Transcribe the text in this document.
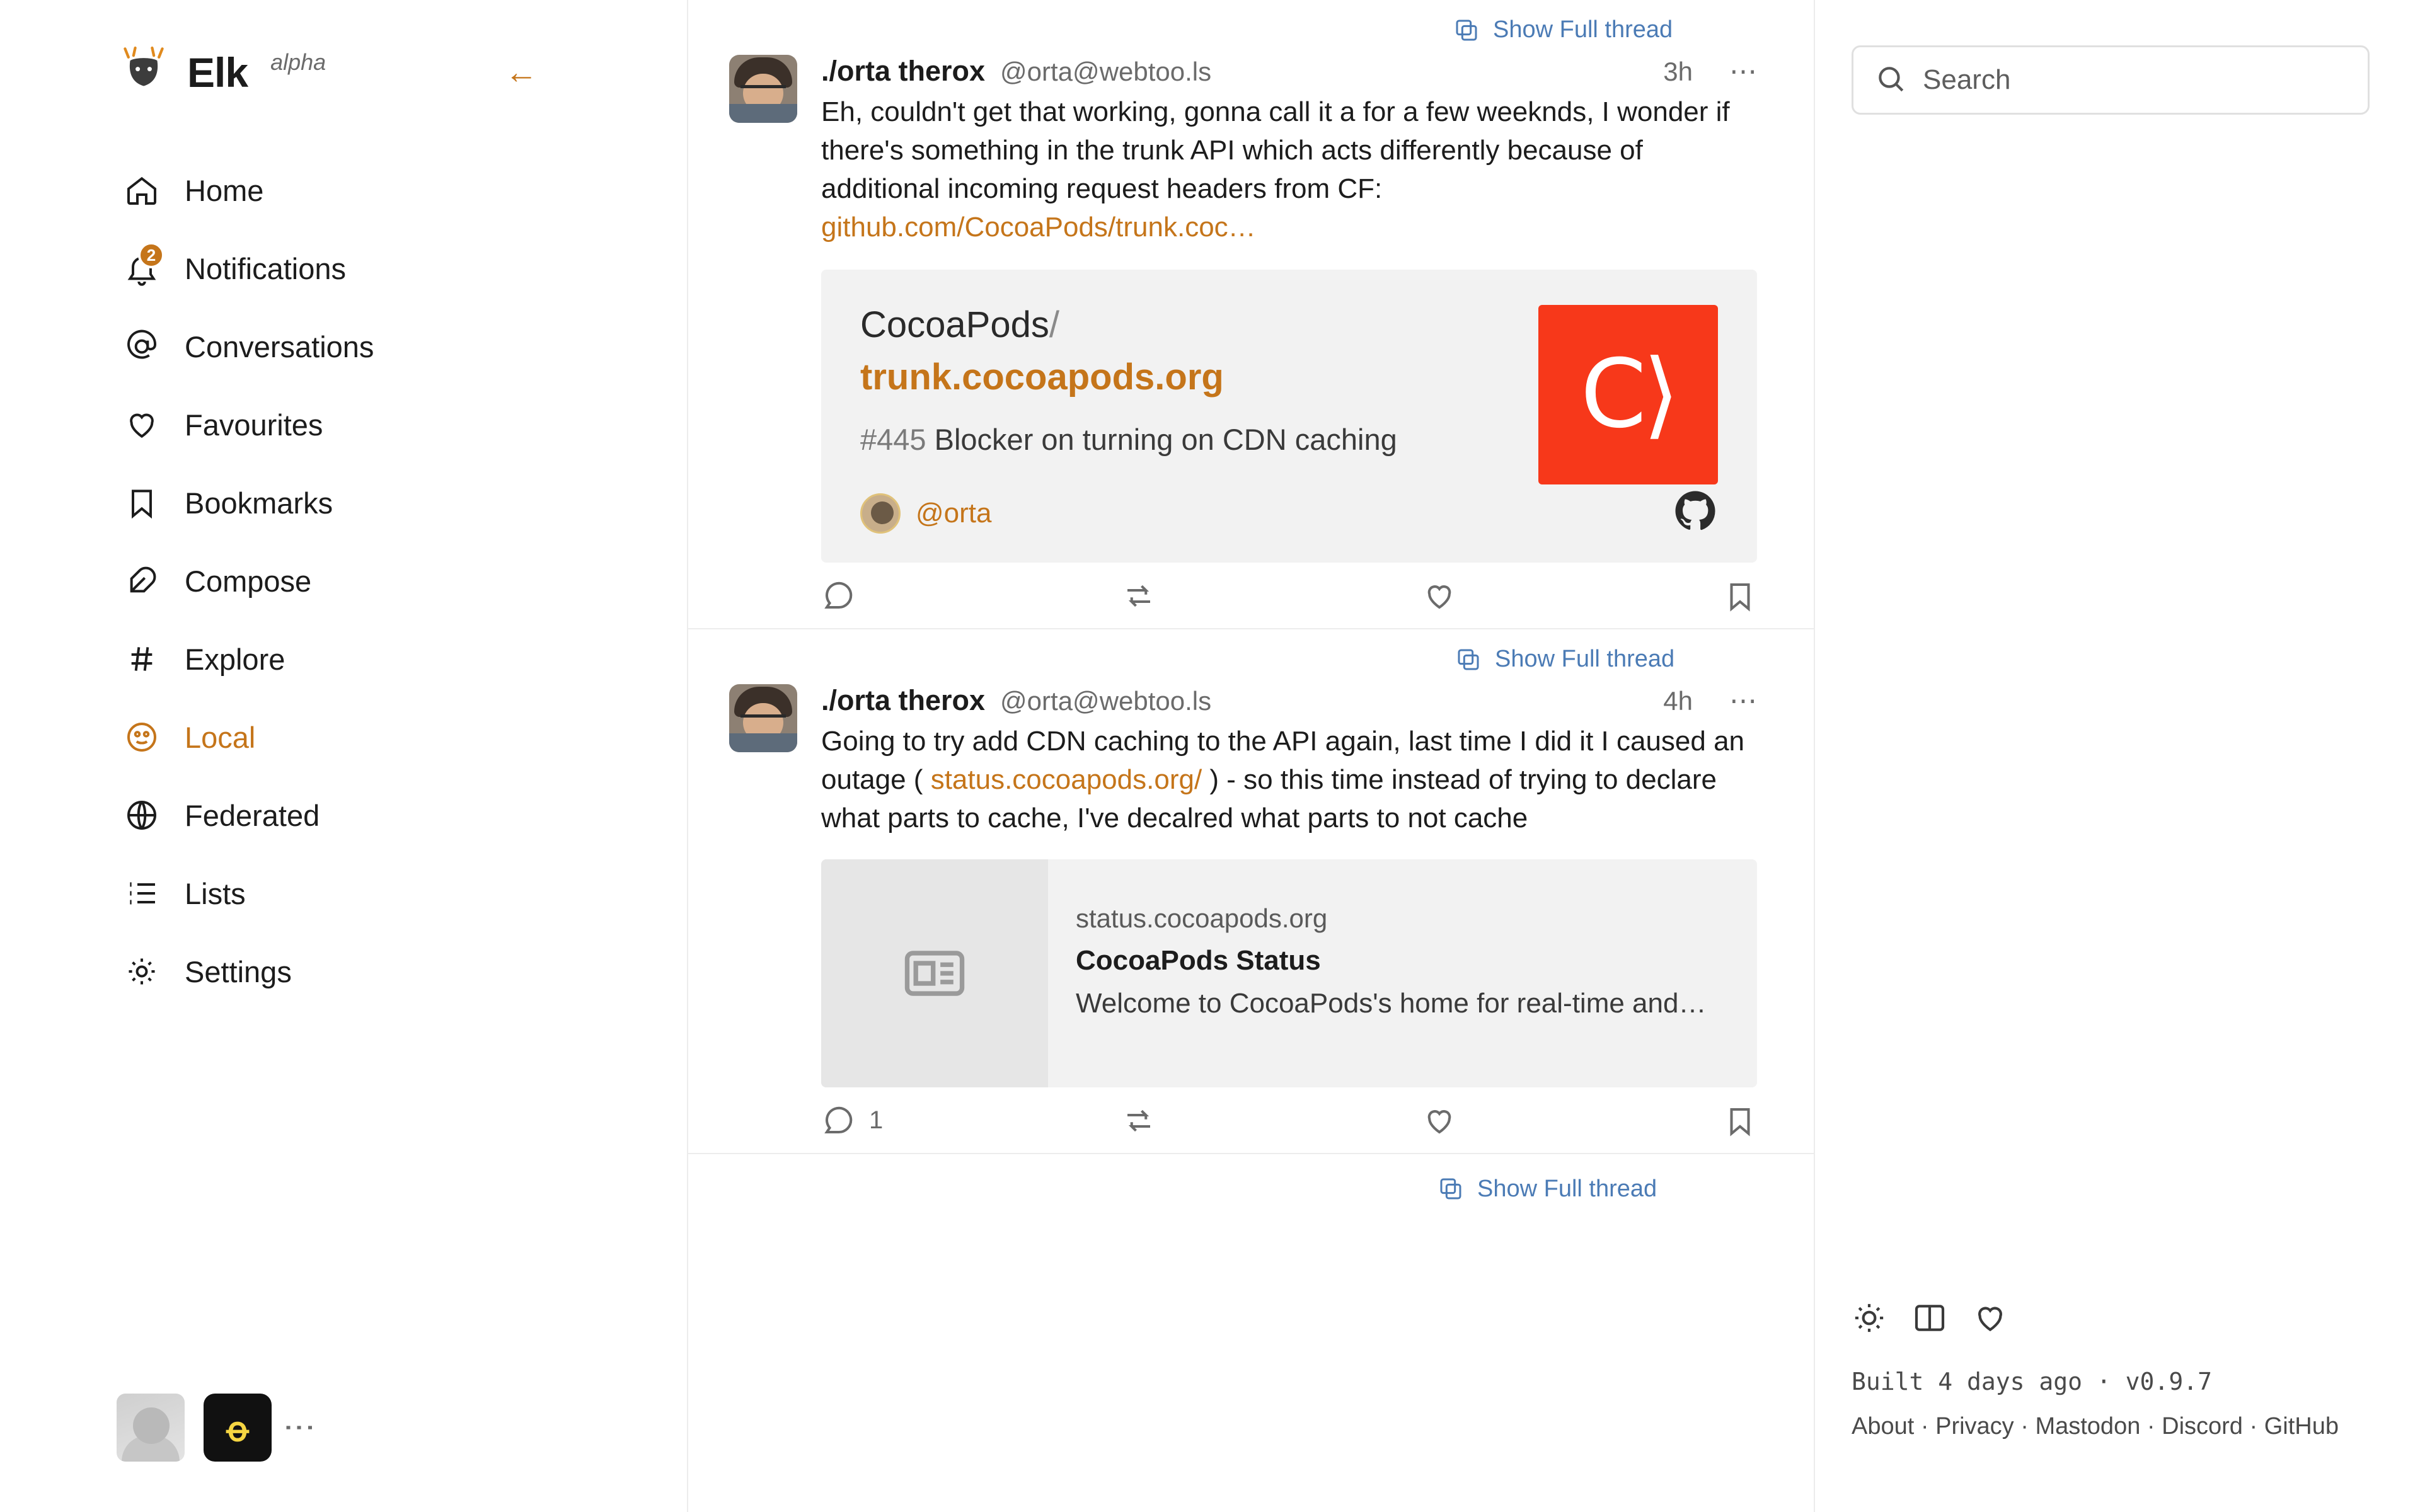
Elk alpha	←
Home
2 Notifications
Conversations
Favourites
Bookmarks
Compose
Explore
Local
Federated
Lists
Settings
𝈚	⋮
Show Full thread
./orta therox @orta@webtoo.ls	3h ⋯
Eh, couldn't get that working, gonna call it a for a few weeknds, I wonder if there's something in the trunk API which acts differently because of additional incoming request headers from CF: github.com/CocoaPods/trunk.coc…
CocoaPods/
trunk.cocoapods.org
#445 Blocker on turning on CDN caching
@orta
C⟩
Show Full thread
./orta therox @orta@webtoo.ls	4h ⋯
Going to try add CDN caching to the API again, last time I did it I caused an outage ( status.cocoapods.org/ ) - so this time instead of trying to declare what parts to cache, I've decalred what parts to not cache
status.cocoapods.org
CocoaPods Status
Welcome to CocoaPods's home for real-time and…
1
Show Full thread
Search
Built 4 days ago · v0.9.7
About · Privacy · Mastodon · Discord · GitHub
